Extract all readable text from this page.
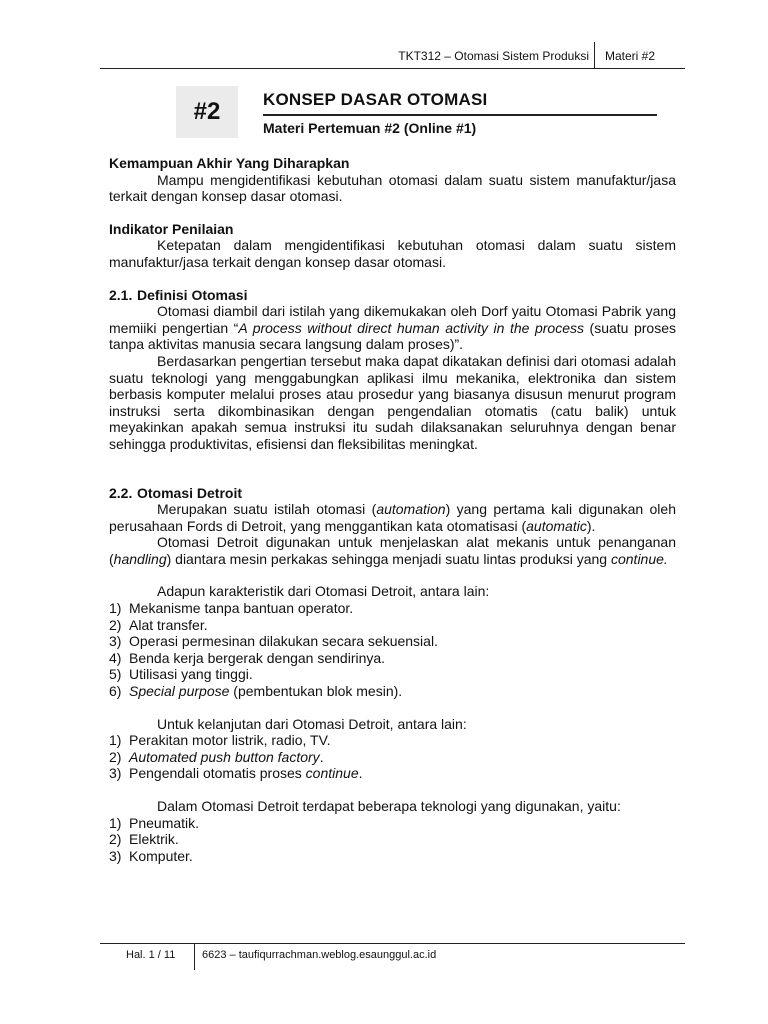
TKT312 – Otomasi Sistem Produksi Materi #2
#2	KONSEP DASAR OTOMASI
Materi Pertemuan #2 (Online #1)

Kemampuan Akhir Yang Diharapkan

Mampu mengidentifikasi kebutuhan otomasi dalam suatu sistem manufaktur/jasa terkait dengan konsep dasar otomasi.

Indikator Penilaian

Ketepatan dalam mengidentifikasi kebutuhan otomasi dalam suatu sistem manufaktur/jasa terkait dengan konsep dasar otomasi.

2.1. Definisi Otomasi

Otomasi diambil dari istilah yang dikemukakan oleh Dorf yaitu Otomasi Pabrik yang memiiki pengertian “A process without direct human activity in the process (suatu proses tanpa aktivitas manusia secara langsung dalam proses)”.

Berdasarkan pengertian tersebut maka dapat dikatakan definisi dari otomasi adalah suatu teknologi yang menggabungkan aplikasi ilmu mekanika, elektronika dan sistem berbasis komputer melalui proses atau prosedur yang biasanya disusun menurut program instruksi serta dikombinasikan dengan pengendalian otomatis (catu balik) untuk meyakinkan apakah semua instruksi itu sudah dilaksanakan seluruhnya dengan benar sehingga produktivitas, efisiensi dan fleksibilitas meningkat.

2.2. Otomasi Detroit

Merupakan suatu istilah otomasi (automation) yang pertama kali digunakan oleh perusahaan Fords di Detroit, yang menggantikan kata otomatisasi (automatic).

Otomasi Detroit digunakan untuk menjelaskan alat mekanis untuk penanganan (handling) diantara mesin perkakas sehingga menjadi suatu lintas produksi yang continue.

Adapun karakteristik dari Otomasi Detroit, antara lain:

1) Mekanisme tanpa bantuan operator.
2) Alat transfer.
3) Operasi permesinan dilakukan secara sekuensial.
4) Benda kerja bergerak dengan sendirinya.
5) Utilisasi yang tinggi.
6) Special purpose (pembentukan blok mesin).

Untuk kelanjutan dari Otomasi Detroit, antara lain:

1) Perakitan motor listrik, radio, TV.
2) Automated push button factory.
3) Pengendali otomatis proses continue.

Dalam Otomasi Detroit terdapat beberapa teknologi yang digunakan, yaitu:

1) Pneumatik.
2) Elektrik.
3) Komputer.
Hal. 1 / 11 6623 – taufiqurrachman.weblog.esaunggul.ac.id
